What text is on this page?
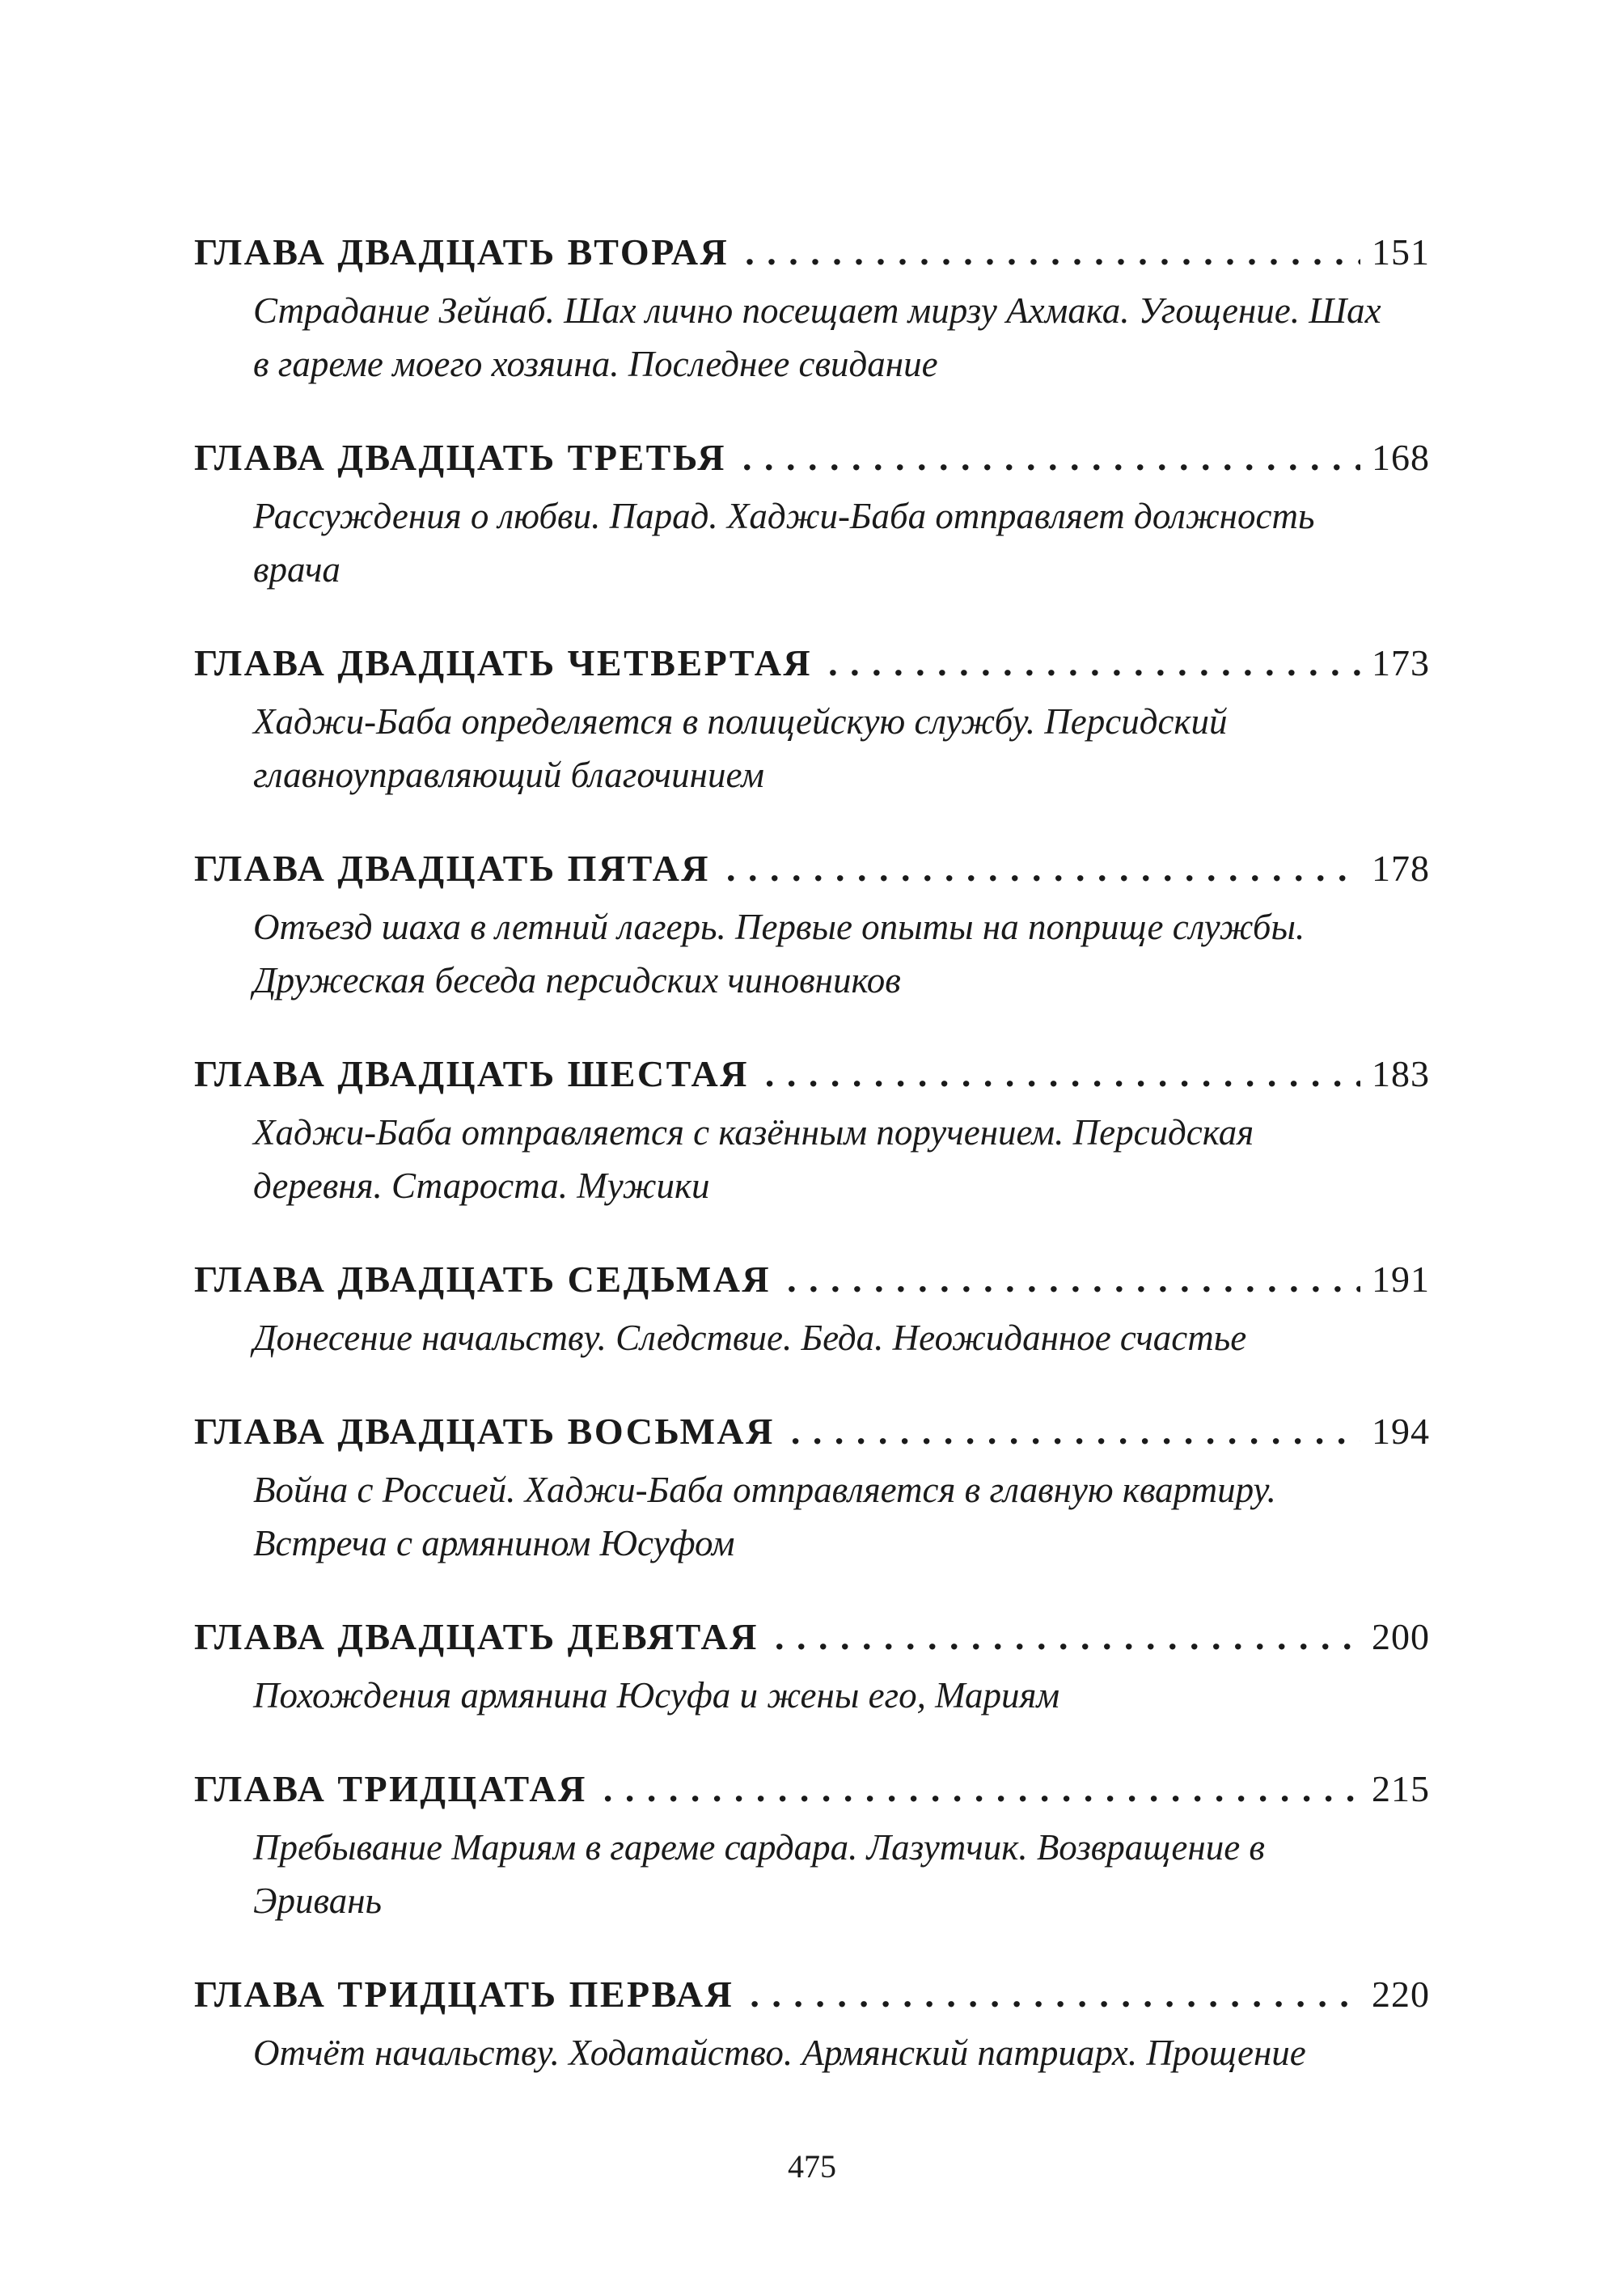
ГЛАВА ДВАДЦАТЬ ВТОРАЯ . . .	151
Страдание Зейнаб. Шах лично посещает мирзу Ахмака. Угощение. Шах в гареме моего хозяина. Последнее свидание
ГЛАВА ДВАДЦАТЬ ТРЕТЬЯ . . .	168
Рассуждения о любви. Парад. Хаджи-Баба отправляет должность врача
ГЛАВА ДВАДЦАТЬ ЧЕТВЕРТАЯ . . .	173
Хаджи-Баба определяется в полицейскую службу. Персидский главноуправляющий благочинием
ГЛАВА ДВАДЦАТЬ ПЯТАЯ . . .	178
Отъезд шаха в летний лагерь. Первые опыты на поприще службы. Дружеская беседа персидских чиновников
ГЛАВА ДВАДЦАТЬ ШЕСТАЯ . . .	183
Хаджи-Баба отправляется с казённым поручением. Персидская деревня. Староста. Мужики
ГЛАВА ДВАДЦАТЬ СЕДЬМАЯ . . .	191
Донесение начальству. Следствие. Беда. Неожиданное счастье
ГЛАВА ДВАДЦАТЬ ВОСЬМАЯ . . .	194
Война с Россией. Хаджи-Баба отправляется в главную квартиру. Встреча с армянином Юсуфом
ГЛАВА ДВАДЦАТЬ ДЕВЯТАЯ . . .	200
Похождения армянина Юсуфа и жены его, Мариям
ГЛАВА ТРИДЦАТАЯ . . .	215
Пребывание Мариям в гареме сардара. Лазутчик. Возвращение в Эривань
ГЛАВА ТРИДЦАТЬ ПЕРВАЯ . . .	220
Отчёт начальству. Ходатайство. Армянский патриарх. Прощение
475
